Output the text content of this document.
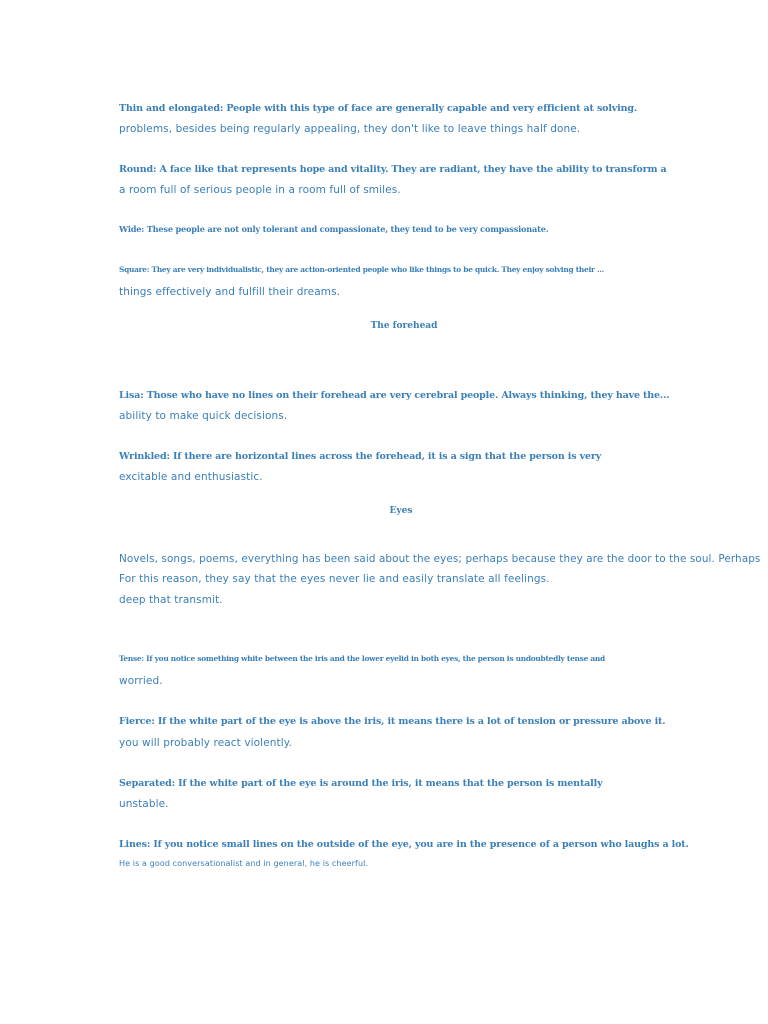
Thin and elongated: People with this type of face are generally capable and very efficient at solving.

problems, besides being regularly appealing, they don't like to leave things half done.

Round: A face like that represents hope and vitality. They are radiant, they have the ability to transform a

a room full of serious people in a room full of smiles.

Wide: These people are not only tolerant and compassionate, they tend to be very compassionate.

Square: They are very individualistic, they are action-oriented people who like things to be quick. They enjoy solving their ...

things effectively and fulfill their dreams.

The forehead

Lisa: Those who have no lines on their forehead are very cerebral people. Always thinking, they have the...

ability to make quick decisions.

Wrinkled: If there are horizontal lines across the forehead, it is a sign that the person is very

excitable and enthusiastic.

Eyes

Novels, songs, poems, everything has been said about the eyes; perhaps because they are the door to the soul. Perhaps

For this reason, they say that the eyes never lie and easily translate all feelings.

deep that transmit.

Tense: If you notice something white between the iris and the lower eyelid in both eyes, the person is undoubtedly tense and

worried.

Fierce: If the white part of the eye is above the iris, it means there is a lot of tension or pressure above it.

you will probably react violently.

Separated: If the white part of the eye is around the iris, it means that the person is mentally

unstable.

Lines: If you notice small lines on the outside of the eye, you are in the presence of a person who laughs a lot.

He is a good conversationalist and in general, he is cheerful.
